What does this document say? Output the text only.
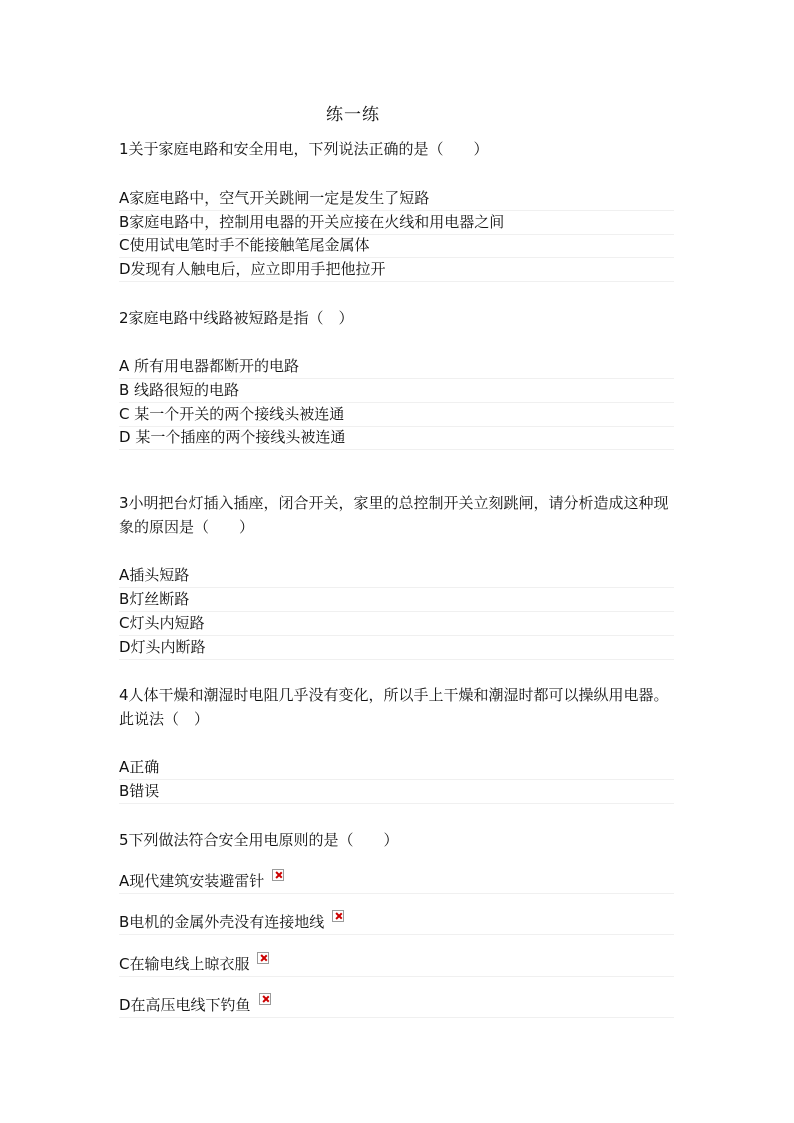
练一练
1关于家庭电路和安全用电，下列说法正确的是（　　）
A家庭电路中，空气开关跳闸一定是发生了短路
B家庭电路中，控制用电器的开关应接在火线和用电器之间
C使用试电笔时手不能接触笔尾金属体
D发现有人触电后，应立即用手把他拉开
2家庭电路中线路被短路是指（　）
A 所有用电器都断开的电路
B 线路很短的电路
C 某一个开关的两个接线头被连通
D 某一个插座的两个接线头被连通
3小明把台灯插入插座，闭合开关，家里的总控制开关立刻跳闸，请分析造成这种现象的原因是（　　）
A插头短路
B灯丝断路
C灯头内短路
D灯头内断路
4人体干燥和潮湿时电阻几乎没有变化，所以手上干燥和潮湿时都可以操纵用电器。此说法（　）
A正确
B错误
5下列做法符合安全用电原则的是（　　）
A现代建筑安装避雷针
B电机的金属外壳没有连接地线
C在输电线上晾衣服
D在高压电线下钓鱼
